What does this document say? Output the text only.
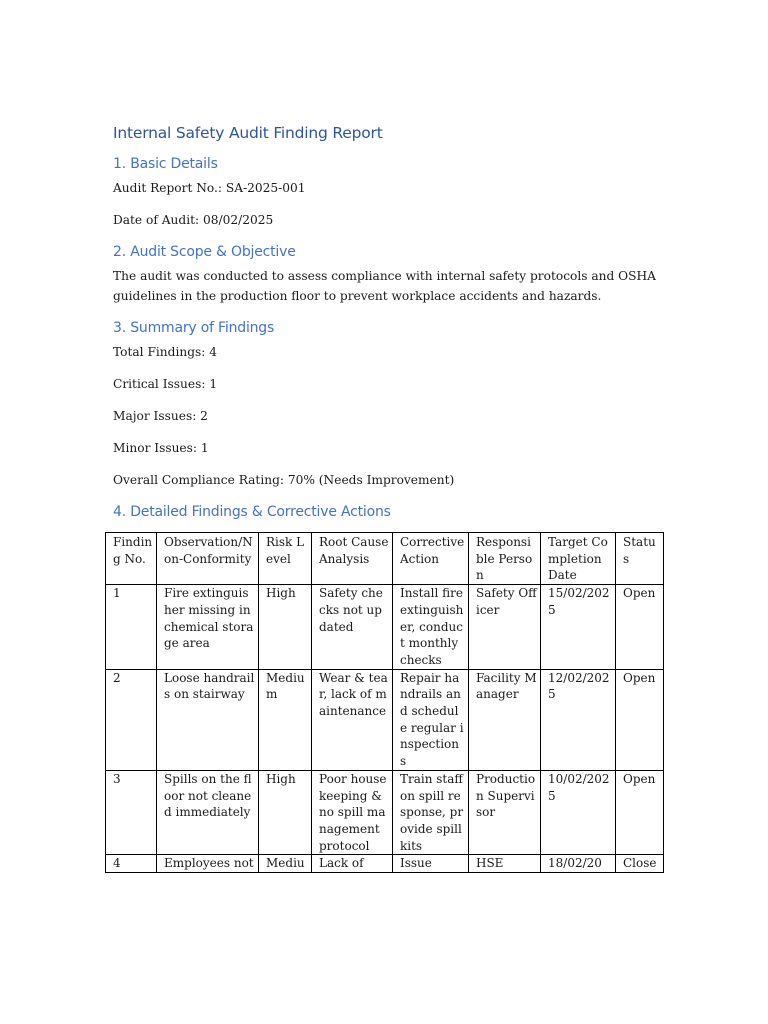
Internal Safety Audit Finding Report
1. Basic Details

Audit Report No.: SA-2025-001

Date of Audit: 08/02/2025

2. Audit Scope & Objective

The audit was conducted to assess compliance with internal safety protocols and OSHA guidelines in the production floor to prevent workplace accidents and hazards.

3. Summary of Findings

Total Findings: 4

Critical Issues: 1

Major Issues: 2

Minor Issues: 1

Overall Compliance Rating: 70% (Needs Improvement)

4. Detailed Findings & Corrective Actions
Finding No.	Observation/Non-Conformity	Risk Level	Root Cause Analysis	Corrective Action	Responsible Person	Target Completion Date	Status
1	Fire extinguisher missing in chemical storage area	High	Safety checks not updated	Install fire extinguisher, conduct monthly checks	Safety Officer	15/02/2025	Open
2	Loose handrails on stairway	Medium	Wear & tear, lack of maintenance	Repair handrails and schedule regular inspections	Facility Manager	12/02/2025	Open
3	Spills on the floor not cleaned immediately	High	Poor housekeeping & no spill management protocol	Train staff on spill response, provide spill kits	Production Supervisor	10/02/2025	Open
4	Employees not	Mediu	Lack of	Issue	HSE	18/02/20	Close
